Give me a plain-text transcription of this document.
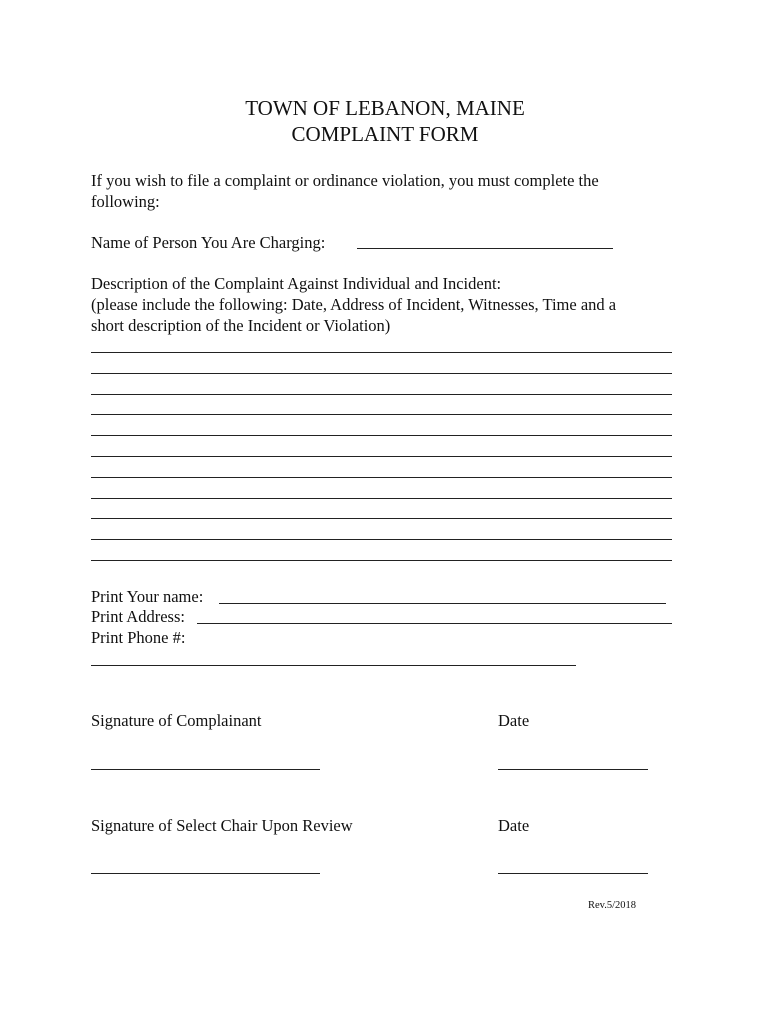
TOWN OF LEBANON, MAINE
COMPLAINT FORM
If you wish to file a complaint or ordinance violation, you must complete the
following:
Name of Person You Are Charging:
Description of the Complaint Against Individual and Incident:
(please include the following: Date, Address of Incident, Witnesses, Time and a
short description of the Incident or Violation)
Print Your name:
Print Address:
Print Phone #:
Signature of Complainant	Date
Signature of Select Chair Upon Review	Date
Rev.5/2018
